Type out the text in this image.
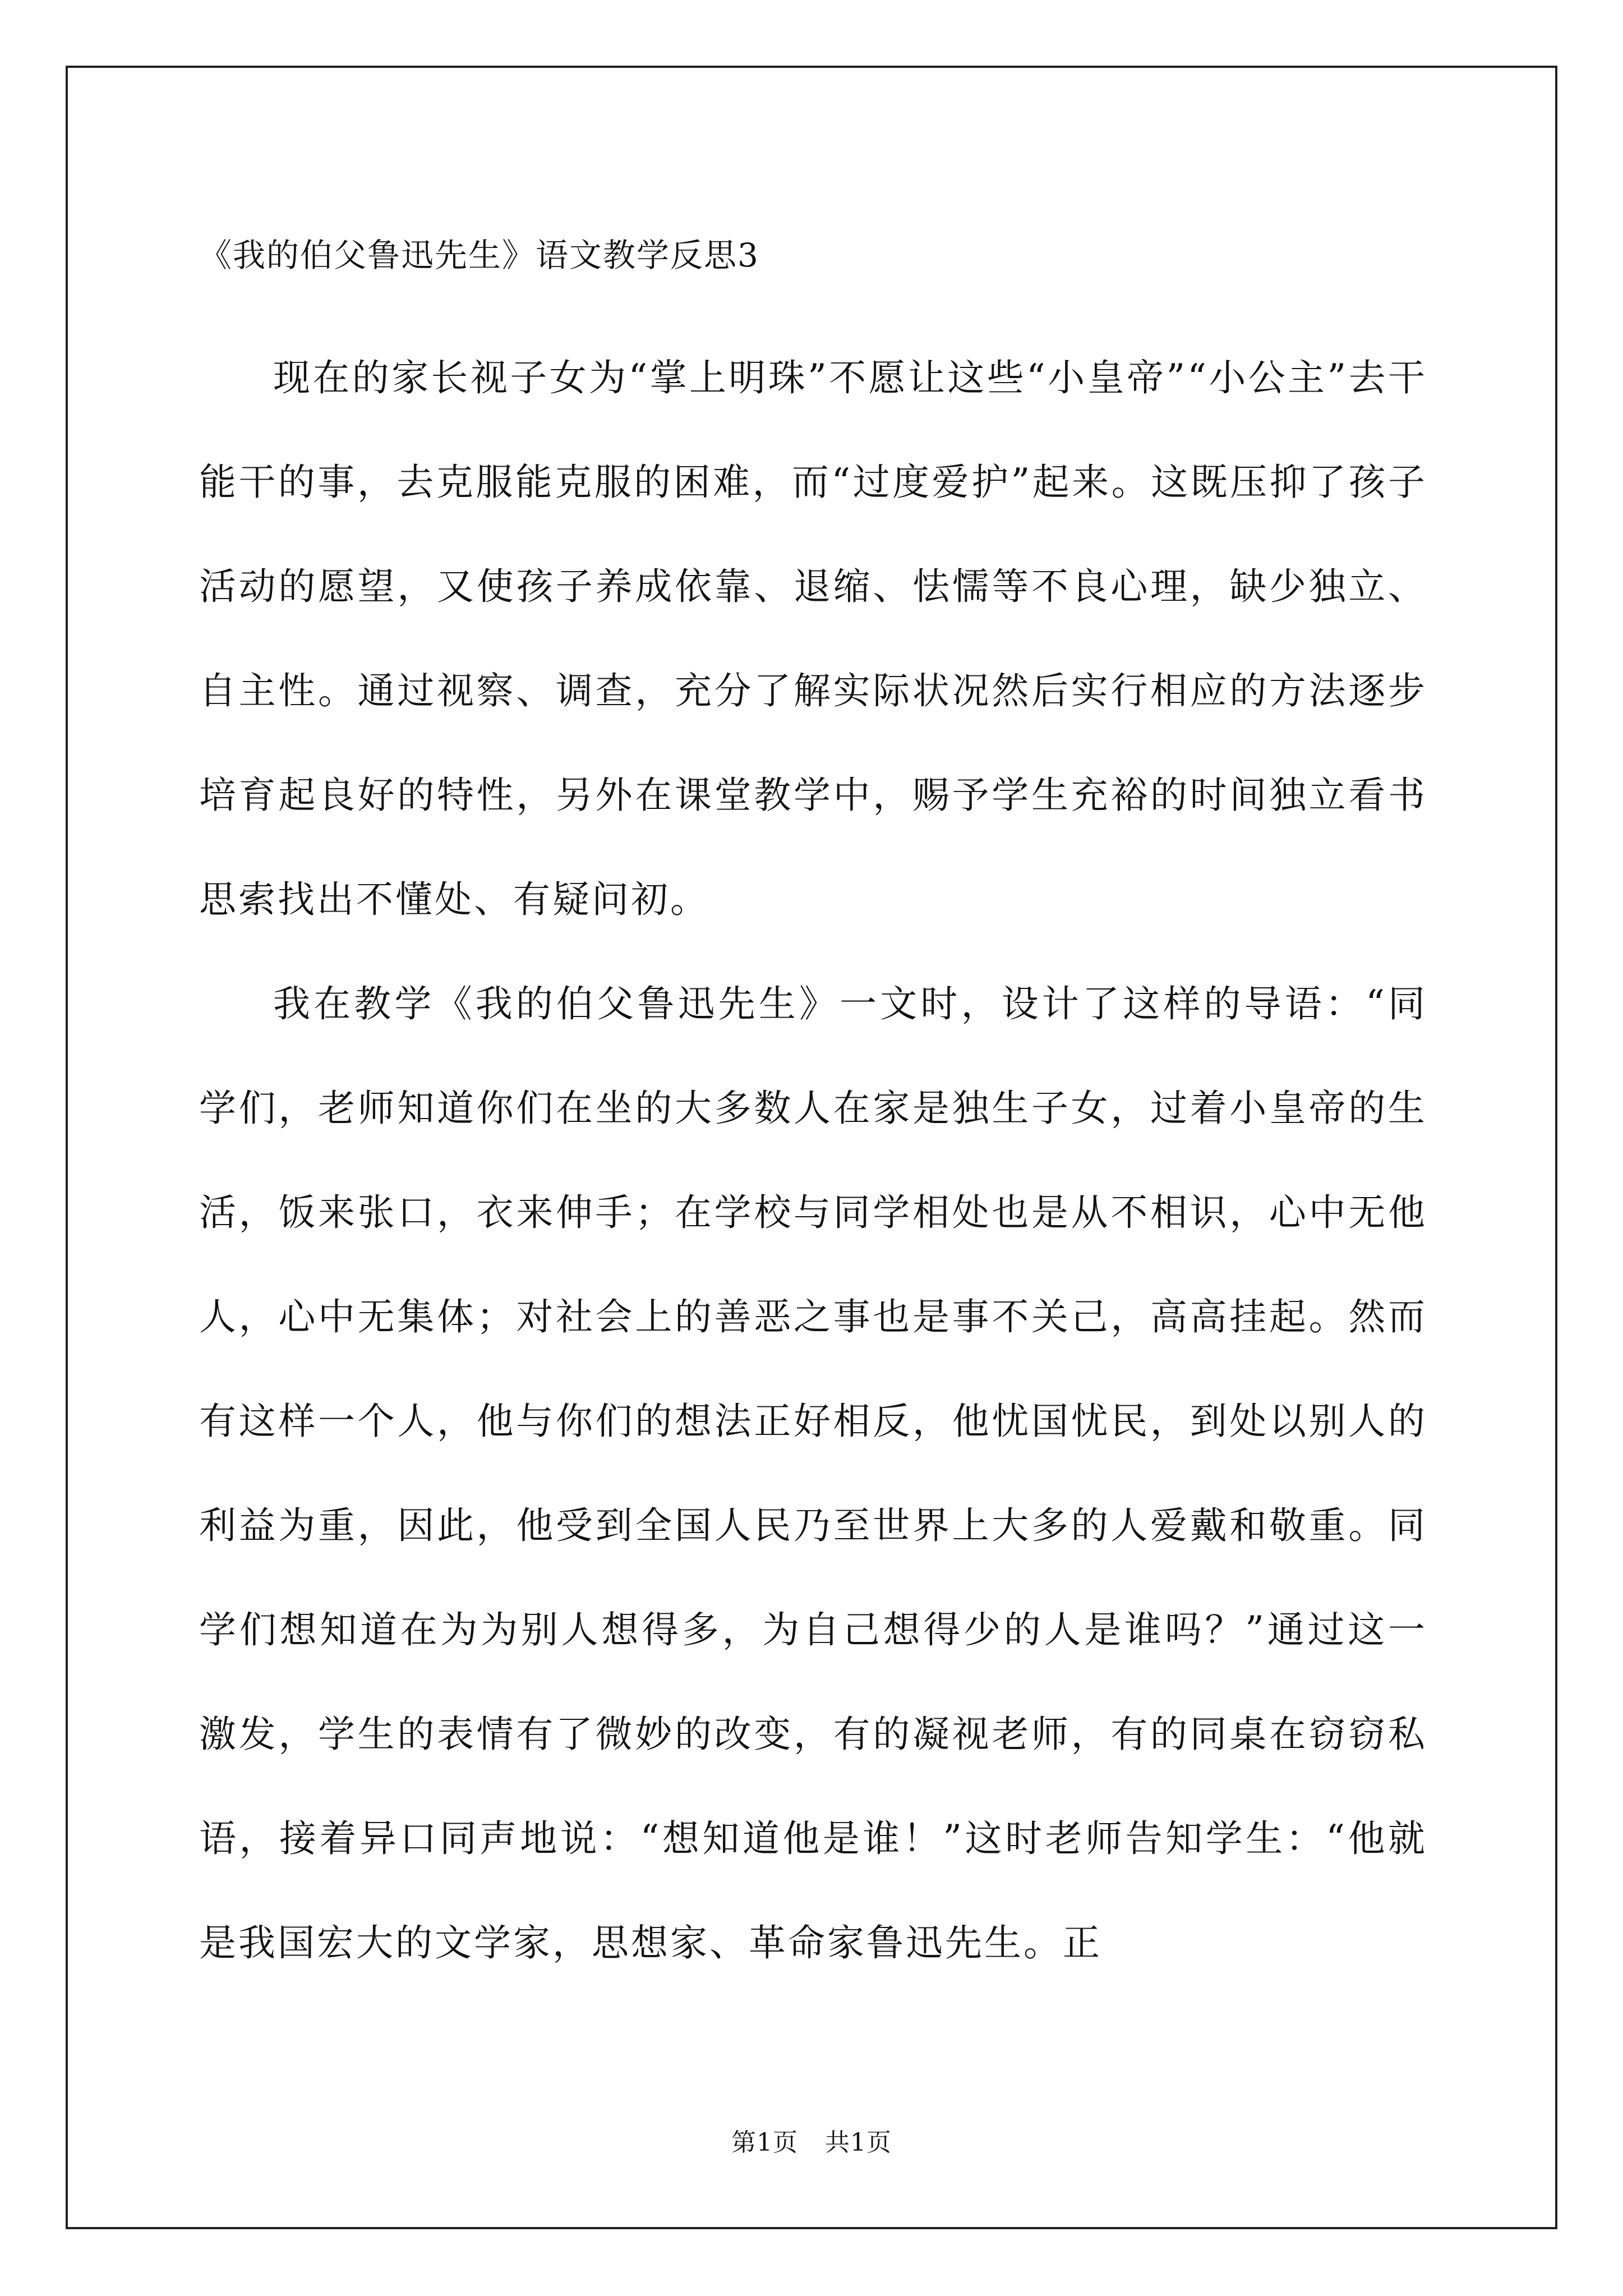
《我的伯父鲁迅先生》语文教学反思3

现在的家长视子女为“掌上明珠”不愿让这些“小皇帝”“小公主”去干能干的事，去克服能克服的困难，而“过度爱护”起来。这既压抑了孩子活动的愿望，又使孩子养成依靠、退缩、怯懦等不良心理，缺少独立、自主性。通过视察、调查，充分了解实际状况然后实行相应的方法逐步培育起良好的特性，另外在课堂教学中，赐予学生充裕的时间独立看书思索找出不懂处、有疑问初。

我在教学《我的伯父鲁迅先生》一文时，设计了这样的导语：“同学们，老师知道你们在坐的大多数人在家是独生子女，过着小皇帝的生活，饭来张口，衣来伸手；在学校与同学相处也是从不相识，心中无他人，心中无集体；对社会上的善恶之事也是事不关己，高高挂起。然而有这样一个人，他与你们的想法正好相反，他忧国忧民，到处以别人的利益为重，因此，他受到全国人民乃至世界上大多的人爱戴和敬重。同学们想知道在为为别人想得多，为自己想得少的人是谁吗？”通过这一激发，学生的表情有了微妙的改变，有的凝视老师，有的同桌在窃窃私语，接着异口同声地说：“想知道他是谁！”这时老师告知学生：“他就是我国宏大的文学家，思想家、革命家鲁迅先生。正

第1页 共1页
